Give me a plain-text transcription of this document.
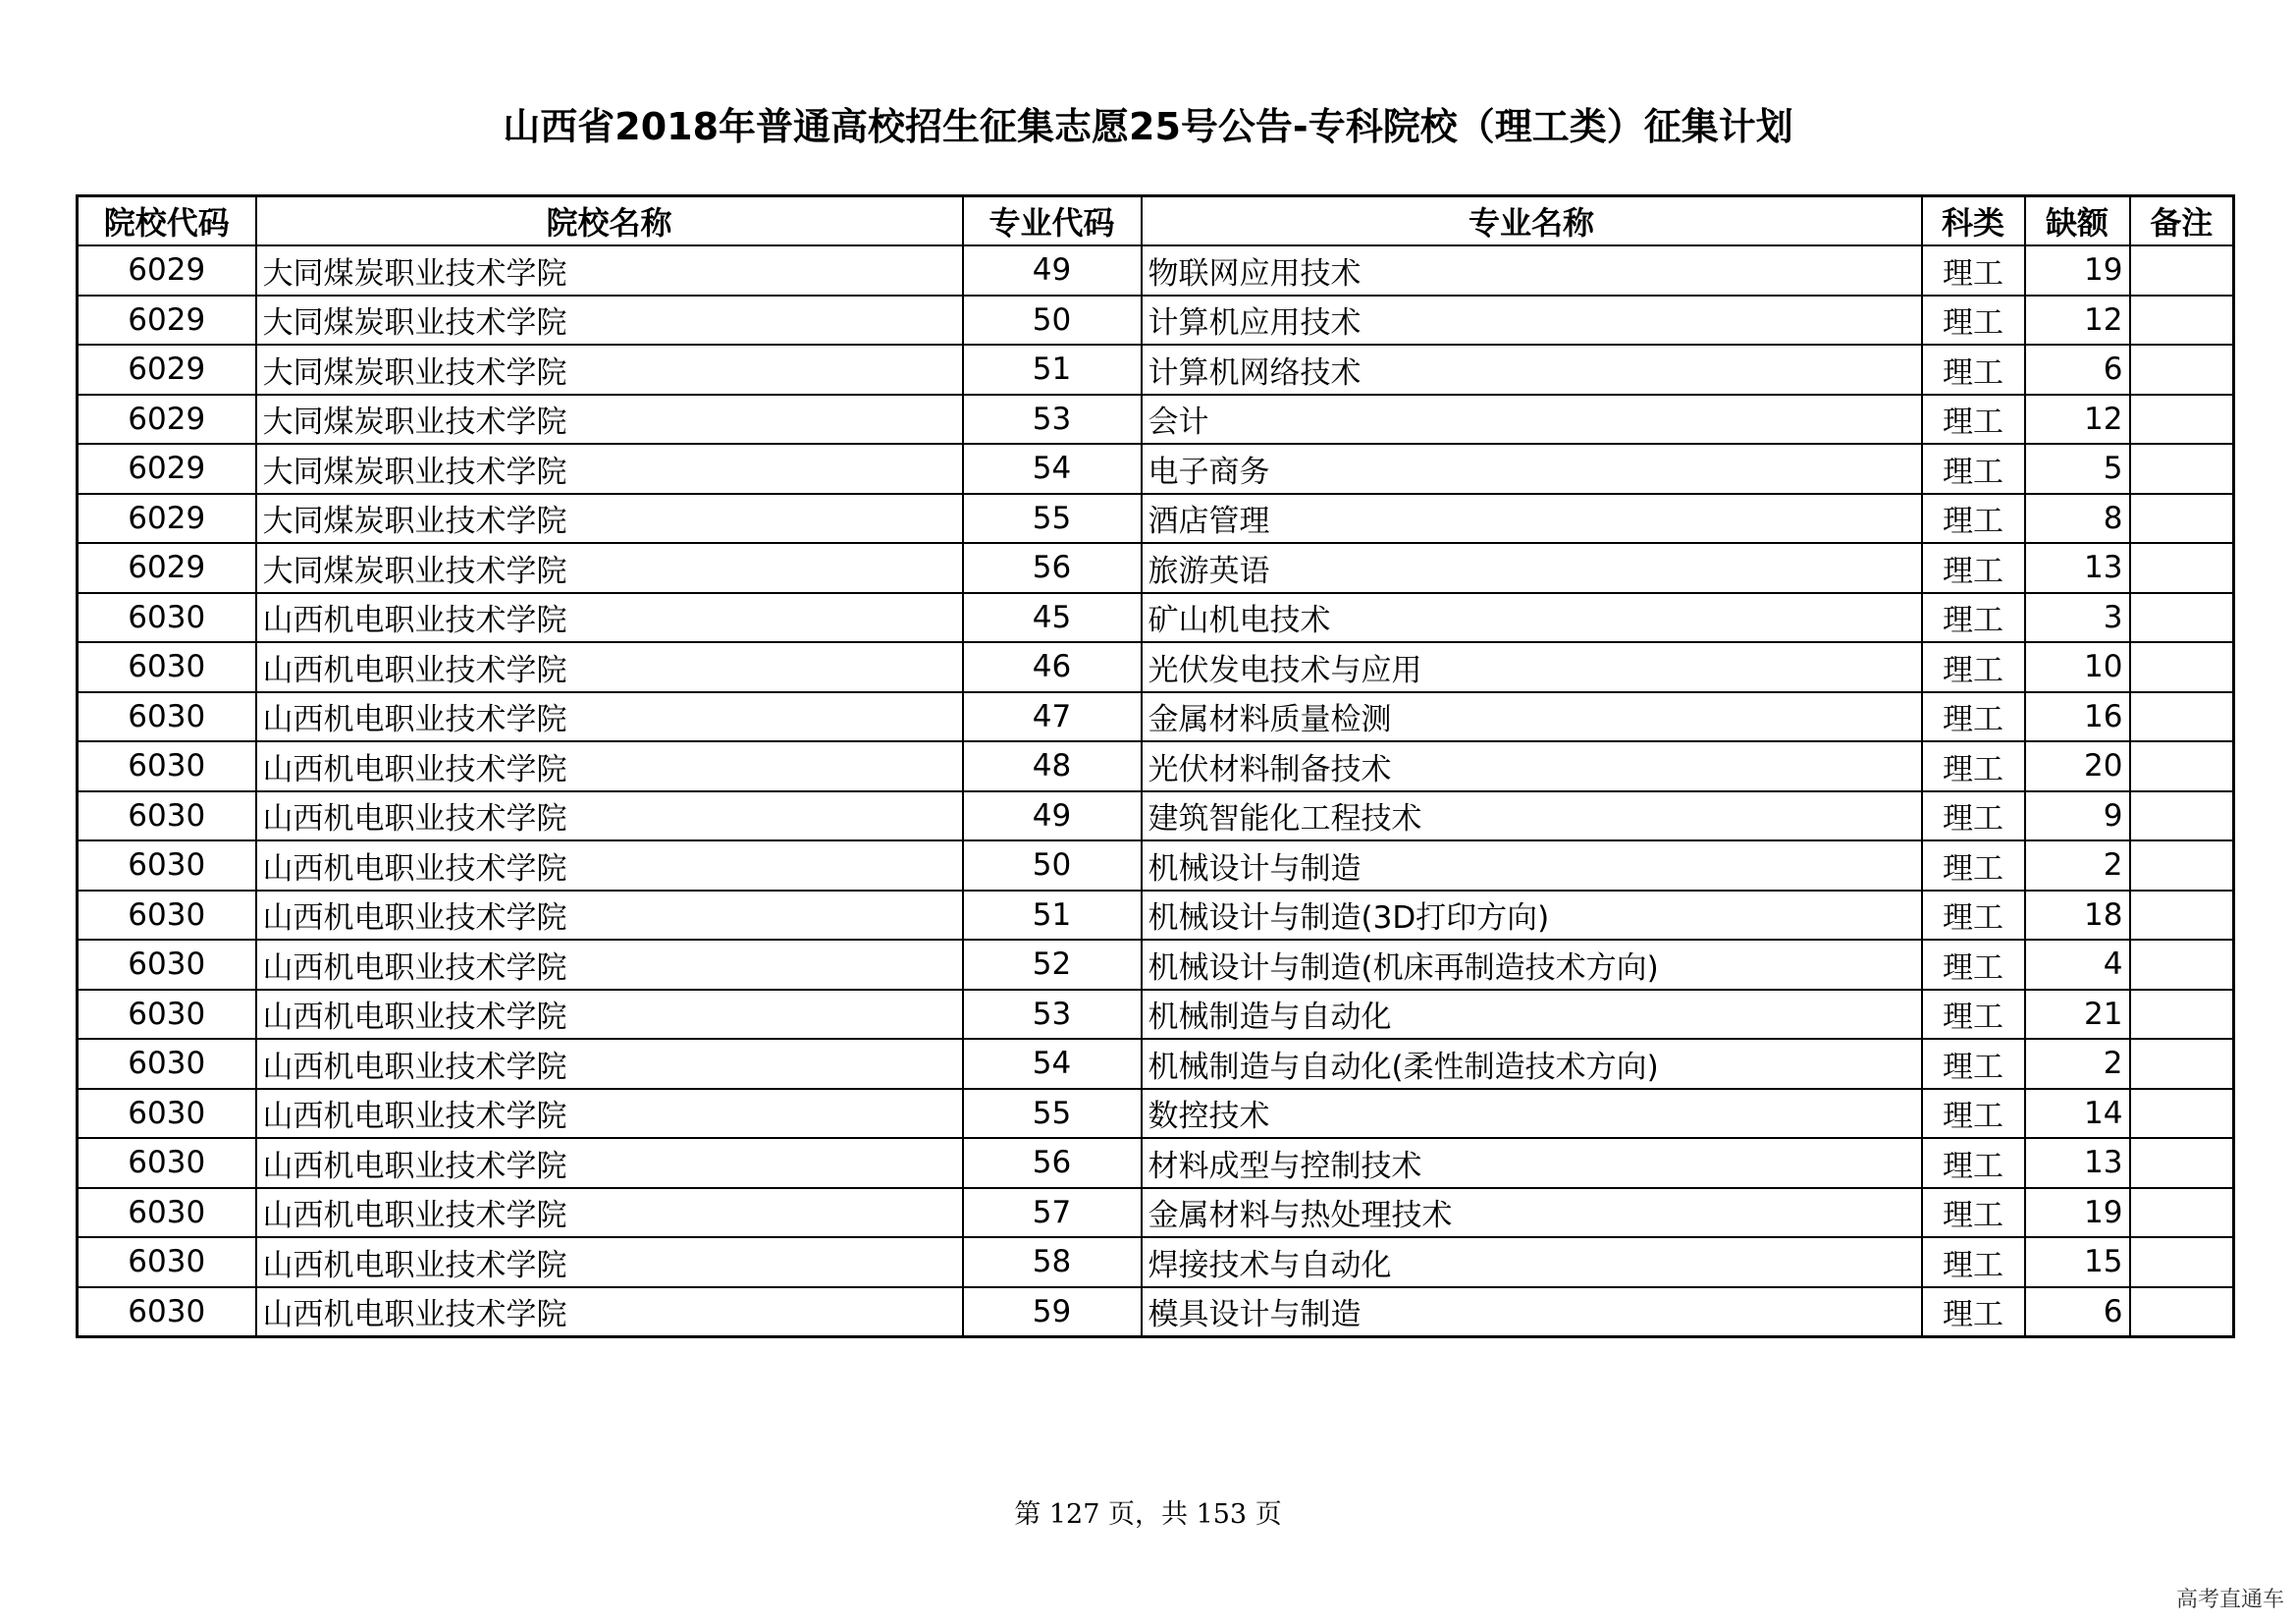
山西省2018年普通高校招生征集志愿25号公告-专科院校（理工类）征集计划
院校代码	院校名称	专业代码	专业名称	科类	缺额	备注
6029	大同煤炭职业技术学院	49	物联网应用技术	理工	19	
6029	大同煤炭职业技术学院	50	计算机应用技术	理工	12	
6029	大同煤炭职业技术学院	51	计算机网络技术	理工	6	
6029	大同煤炭职业技术学院	53	会计	理工	12	
6029	大同煤炭职业技术学院	54	电子商务	理工	5	
6029	大同煤炭职业技术学院	55	酒店管理	理工	8	
6029	大同煤炭职业技术学院	56	旅游英语	理工	13	
6030	山西机电职业技术学院	45	矿山机电技术	理工	3	
6030	山西机电职业技术学院	46	光伏发电技术与应用	理工	10	
6030	山西机电职业技术学院	47	金属材料质量检测	理工	16	
6030	山西机电职业技术学院	48	光伏材料制备技术	理工	20	
6030	山西机电职业技术学院	49	建筑智能化工程技术	理工	9	
6030	山西机电职业技术学院	50	机械设计与制造	理工	2	
6030	山西机电职业技术学院	51	机械设计与制造(3D打印方向)	理工	18	
6030	山西机电职业技术学院	52	机械设计与制造(机床再制造技术方向)	理工	4	
6030	山西机电职业技术学院	53	机械制造与自动化	理工	21	
6030	山西机电职业技术学院	54	机械制造与自动化(柔性制造技术方向)	理工	2	
6030	山西机电职业技术学院	55	数控技术	理工	14	
6030	山西机电职业技术学院	56	材料成型与控制技术	理工	13	
6030	山西机电职业技术学院	57	金属材料与热处理技术	理工	19	
6030	山西机电职业技术学院	58	焊接技术与自动化	理工	15	
6030	山西机电职业技术学院	59	模具设计与制造	理工	6	
第 127 页，共 153 页
高考直通车
